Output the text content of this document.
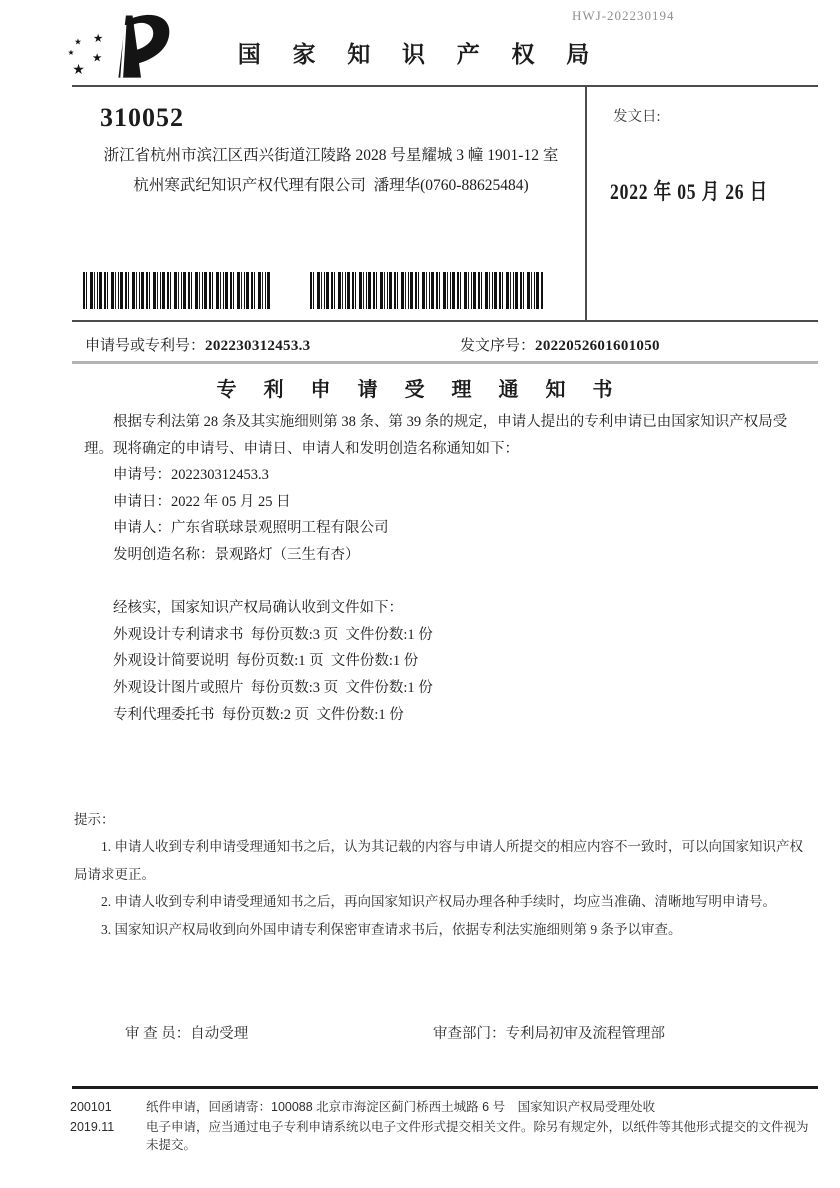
HWJ-202230194
★
★
★
★
★
国 家 知 识 产 权 局
310052
浙江省杭州市滨江区西兴街道江陵路 2028 号星耀城 3 幢 1901-12 室
杭州寒武纪知识产权代理有限公司  潘理华(0760-88625484)
发文日:
2022 年 05 月 26 日
申请号或专利号：202230312453.3	发文序号：2022052601601050
专 利 申 请 受 理 通 知 书
根据专利法第 28 条及其实施细则第 38 条、第 39 条的规定，申请人提出的专利申请已由国家知识产权局受理。现将确定的申请号、申请日、申请人和发明创造名称通知如下：
申请号：202230312453.3
申请日：2022 年 05 月 25 日
申请人：广东省联球景观照明工程有限公司
发明创造名称：景观路灯（三生有杏）
经核实，国家知识产权局确认收到文件如下：
外观设计专利请求书  每份页数:3 页  文件份数:1 份
外观设计简要说明  每份页数:1 页  文件份数:1 份
外观设计图片或照片  每份页数:3 页  文件份数:1 份
专利代理委托书  每份页数:2 页  文件份数:1 份
提示：
1. 申请人收到专利申请受理通知书之后，认为其记载的内容与申请人所提交的相应内容不一致时，可以向国家知识产权局请求更正。
2. 申请人收到专利申请受理通知书之后，再向国家知识产权局办理各种手续时，均应当准确、清晰地写明申请号。
3. 国家知识产权局收到向外国申请专利保密审查请求书后，依据专利法实施细则第 9 条予以审查。
审 查 员：自动受理	审查部门：专利局初审及流程管理部
200101	纸件申请，回函请寄：100088 北京市海淀区蓟门桥西土城路 6 号　国家知识产权局受理处收
2019.11	电子申请，应当通过电子专利申请系统以电子文件形式提交相关文件。除另有规定外，以纸件等其他形式提交的文件视为未提交。
